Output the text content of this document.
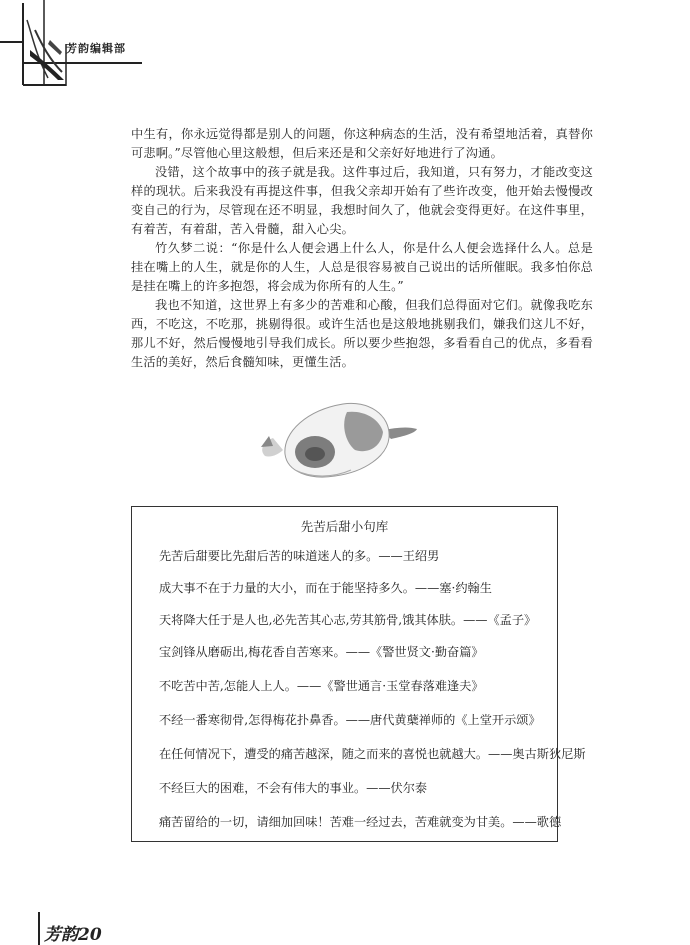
芳韵编辑部

中生有，你永远觉得都是别人的问题，你这种病态的生活，没有希望地活着，真替你可悲啊。”尽管他心里这般想，但后来还是和父亲好好地进行了沟通。

没错，这个故事中的孩子就是我。这件事过后，我知道，只有努力，才能改变这样的现状。后来我没有再提这件事，但我父亲却开始有了些许改变，他开始去慢慢改变自己的行为，尽管现在还不明显，我想时间久了，他就会变得更好。在这件事里，有着苦，有着甜，苦入骨髓，甜入心尖。

竹久梦二说：“你是什么人便会遇上什么人，你是什么人便会选择什么人。总是挂在嘴上的人生，就是你的人生，人总是很容易被自己说出的话所催眠。我多怕你总是挂在嘴上的许多抱怨，将会成为你所有的人生。”

我也不知道，这世界上有多少的苦难和心酸，但我们总得面对它们。就像我吃东西，不吃这，不吃那，挑剔得很。或许生活也是这般地挑剔我们，嫌我们这儿不好，那儿不好，然后慢慢地引导我们成长。所以要少些抱怨，多看看自己的优点，多看看生活的美好，然后食髓知味，更懂生活。

先苦后甜小句库
先苦后甜要比先甜后苦的味道迷人的多。——王绍男
成大事不在于力量的大小，而在于能坚持多久。——塞·约翰生
天将降大任于是人也,必先苦其心志,劳其筋骨,饿其体肤。——《孟子》
宝剑锋从磨砺出,梅花香自苦寒来。——《警世贤文·勤奋篇》
不吃苦中苦,怎能人上人。——《警世通言·玉堂春落难逢夫》
不经一番寒彻骨,怎得梅花扑鼻香。——唐代黄蘖禅师的《上堂开示颂》
在任何情况下，遭受的痛苦越深，随之而来的喜悦也就越大。——奥古斯狄尼斯
不经巨大的困难，不会有伟大的事业。——伏尔泰
痛苦留给的一切，请细加回味！苦难一经过去，苦难就变为甘美。——歌德
芳韵20
